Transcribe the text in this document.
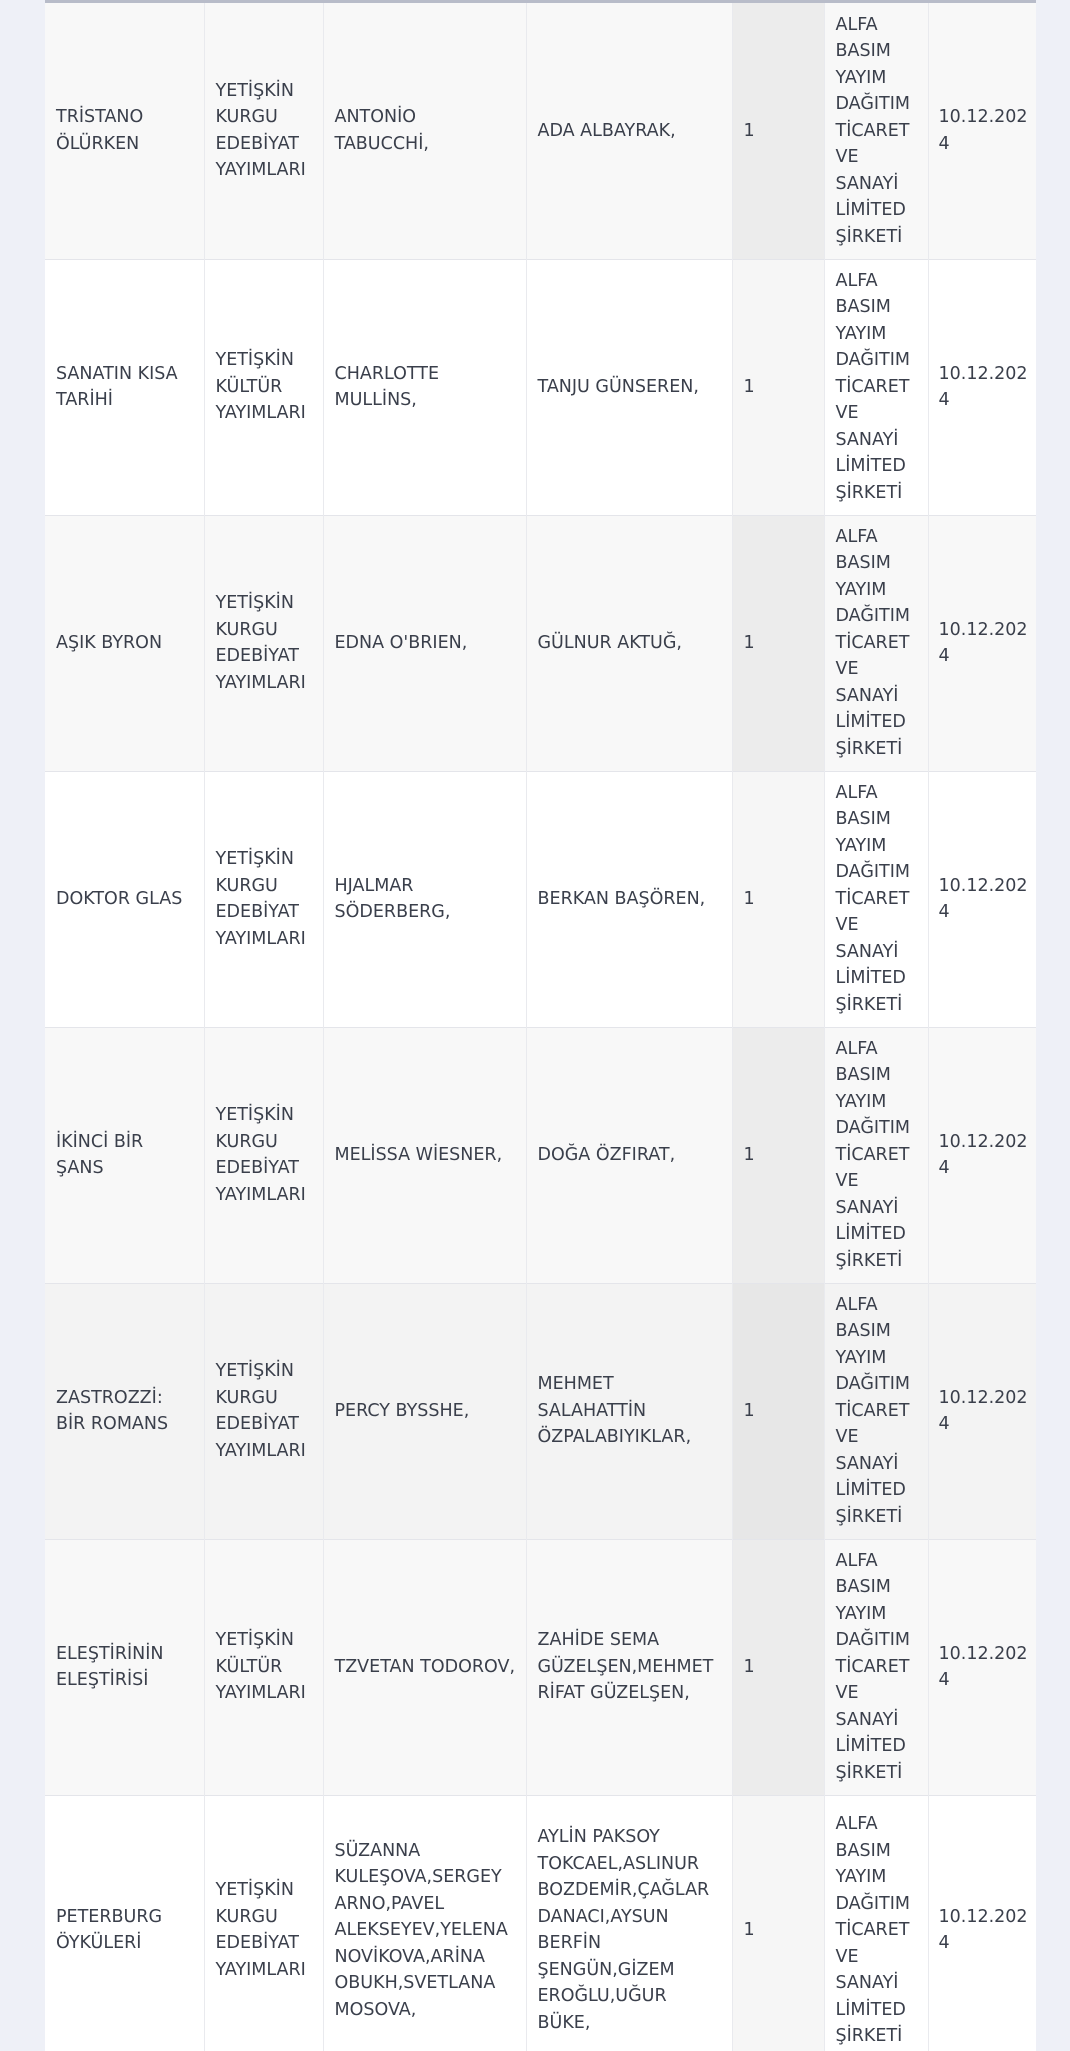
TRİSTANO ÖLÜRKEN	YETİŞKİN KURGU EDEBİYAT YAYIMLARI	ANTONİO TABUCCHİ,	ADA ALBAYRAK,	1	ALFA BASIM YAYIM DAĞITIM TİCARET VE SANAYİ LİMİTED ŞİRKETİ	10.12.2024
SANATIN KISA TARİHİ	YETİŞKİN KÜLTÜR YAYIMLARI	CHARLOTTE MULLİNS,	TANJU GÜNSEREN,	1	ALFA BASIM YAYIM DAĞITIM TİCARET VE SANAYİ LİMİTED ŞİRKETİ	10.12.2024
AŞIK BYRON	YETİŞKİN KURGU EDEBİYAT YAYIMLARI	EDNA O'BRIEN,	GÜLNUR AKTUĞ,	1	ALFA BASIM YAYIM DAĞITIM TİCARET VE SANAYİ LİMİTED ŞİRKETİ	10.12.2024
DOKTOR GLAS	YETİŞKİN KURGU EDEBİYAT YAYIMLARI	HJALMAR SÖDERBERG,	BERKAN BAŞÖREN,	1	ALFA BASIM YAYIM DAĞITIM TİCARET VE SANAYİ LİMİTED ŞİRKETİ	10.12.2024
İKİNCİ BİR ŞANS	YETİŞKİN KURGU EDEBİYAT YAYIMLARI	MELİSSA WİESNER,	DOĞA ÖZFIRAT,	1	ALFA BASIM YAYIM DAĞITIM TİCARET VE SANAYİ LİMİTED ŞİRKETİ	10.12.2024
ZASTROZZİ: BİR ROMANS	YETİŞKİN KURGU EDEBİYAT YAYIMLARI	PERCY BYSSHE,	MEHMET SALAHATTİN ÖZPALABIYIKLAR,	1	ALFA BASIM YAYIM DAĞITIM TİCARET VE SANAYİ LİMİTED ŞİRKETİ	10.12.2024
ELEŞTİRİNİN ELEŞTİRİSİ	YETİŞKİN KÜLTÜR YAYIMLARI	TZVETAN TODOROV,	ZAHİDE SEMA GÜZELŞEN,MEHMET RİFAT GÜZELŞEN,	1	ALFA BASIM YAYIM DAĞITIM TİCARET VE SANAYİ LİMİTED ŞİRKETİ	10.12.2024
PETERBURG ÖYKÜLERİ	YETİŞKİN KURGU EDEBİYAT YAYIMLARI	SÜZANNA KULEŞOVA,SERGEY ARNO,PAVEL ALEKSEYEV,YELENA NOVİKOVA,ARİNA OBUKH,SVETLANA MOSOVA,	AYLİN PAKSOY TOKCAEL,ASLINUR BOZDEMİR,ÇAĞLAR DANACI,AYSUN BERFİN ŞENGÜN,GİZEM EROĞLU,UĞUR BÜKE,	1	ALFA BASIM YAYIM DAĞITIM TİCARET VE SANAYİ LİMİTED ŞİRKETİ	10.12.2024
